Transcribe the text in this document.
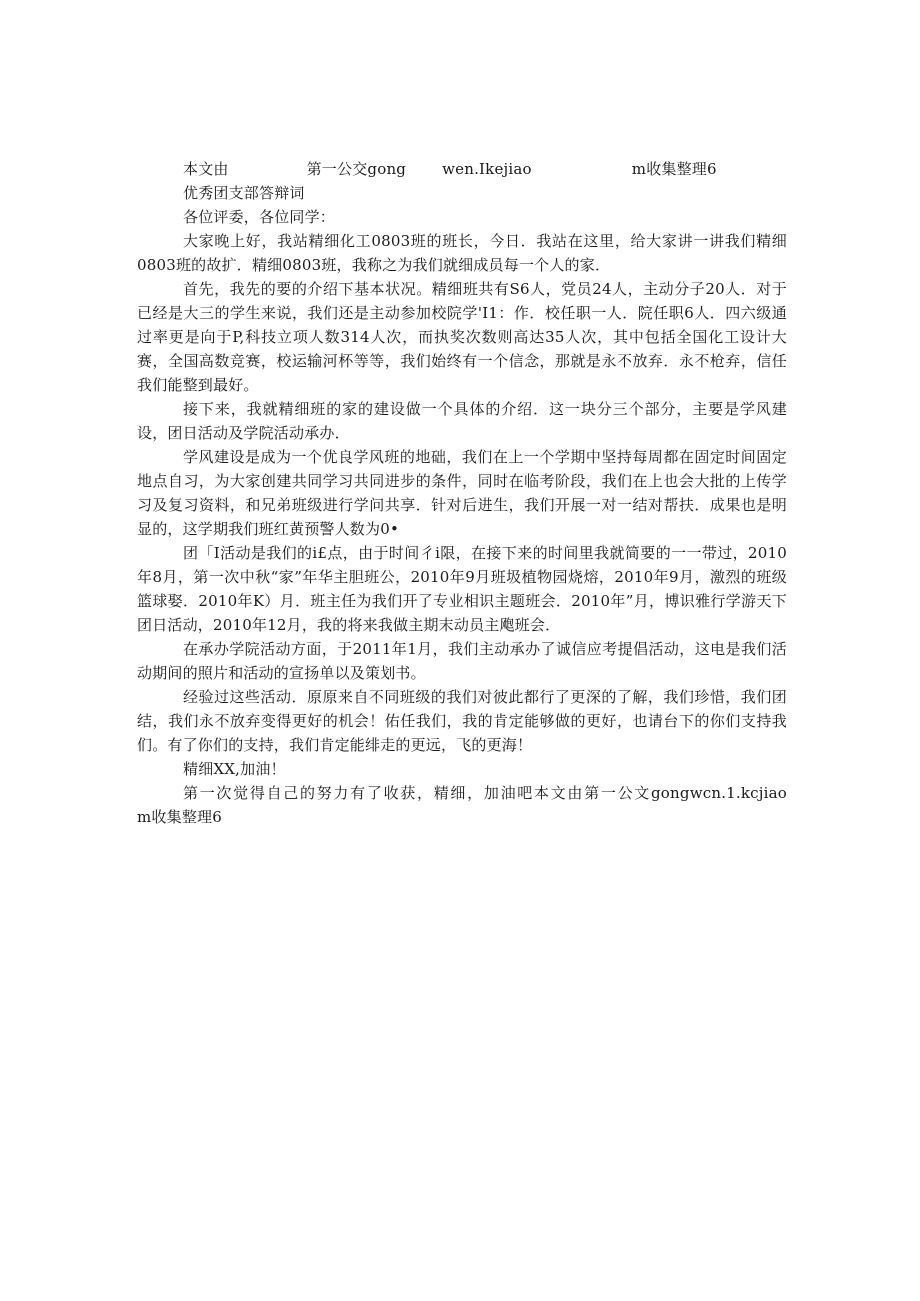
本文由	第一公交gong wen.Ikejiao	m收集整理6

优秀团支部答辩词

各位评委，各位同学：

大家晚上好，我站精细化工0803班的班长，今日．我站在这里，给大家讲一讲我们精细0803班的故扩．精细0803班，我称之为我们就细成员每一个人的家．

首先，我先的要的介绍下基本状况。精细班共有S6人，党员24人，主动分子20人．对于已经是大三的学生来说，我们还是主动参加校院学'I1：作．校任职一人．院任职6人．四六级通过率更是向于P,科技立项人数314人次，而执奖次数则高达35人次，其中包括全国化工设计大赛，全国高数竞赛，校运输河杯等等，我们始终有一个信念，那就是永不放弃．永不枪弃，信任我们能整到最好。

接下来，我就精细班的家的建设做一个具体的介绍．这一块分三个部分，主要是学风建设，团日活动及学院活动承办．

学风建设是成为一个优良学风班的地础，我们在上一个学期中坚持每周都在固定时间固定地点自习，为大家创建共同学习共同进步的条件，同时在临考阶段，我们在上也会大批的上传学习及复习资料，和兄弟班级进行学问共享．针对后进生，我们开展一对一结对帮扶．成果也是明显的，这学期我们班红黄预警人数为0•

团「I活动是我们的i£点，由于时间彳i限，在接下来的时间里我就简要的一一带过，2010年8月，第一次中秋“家”年华主胆班公，2010年9月班圾植物园烧熔，2010年9月，激烈的班级篮球娶．2010年K）月．班主任为我们开了专业相识主题班会．2010年”月，博识雅行学游天下团日活动，2010年12月，我的将来我做主期末动员主飑班会．

在承办学院活动方面，于2011年1月，我们主动承办了诚信应考提倡活动，这电是我们活动期间的照片和活动的宣扬单以及策划书。

经验过这些活动．原原来自不同班级的我们对彼此都行了更深的了解，我们珍惜，我们团结，我们永不放弃变得更好的机会！佑任我们，我的肯定能够做的更好，也请台下的你们支持我们。有了你们的支持，我们肯定能绯走的更远，飞的更海！

精细XX,加油！

第一次觉得自己的努力有了收获，精细，加油吧本文由第一公文gongwcn.1.kcjiao　　　m收集整理6
